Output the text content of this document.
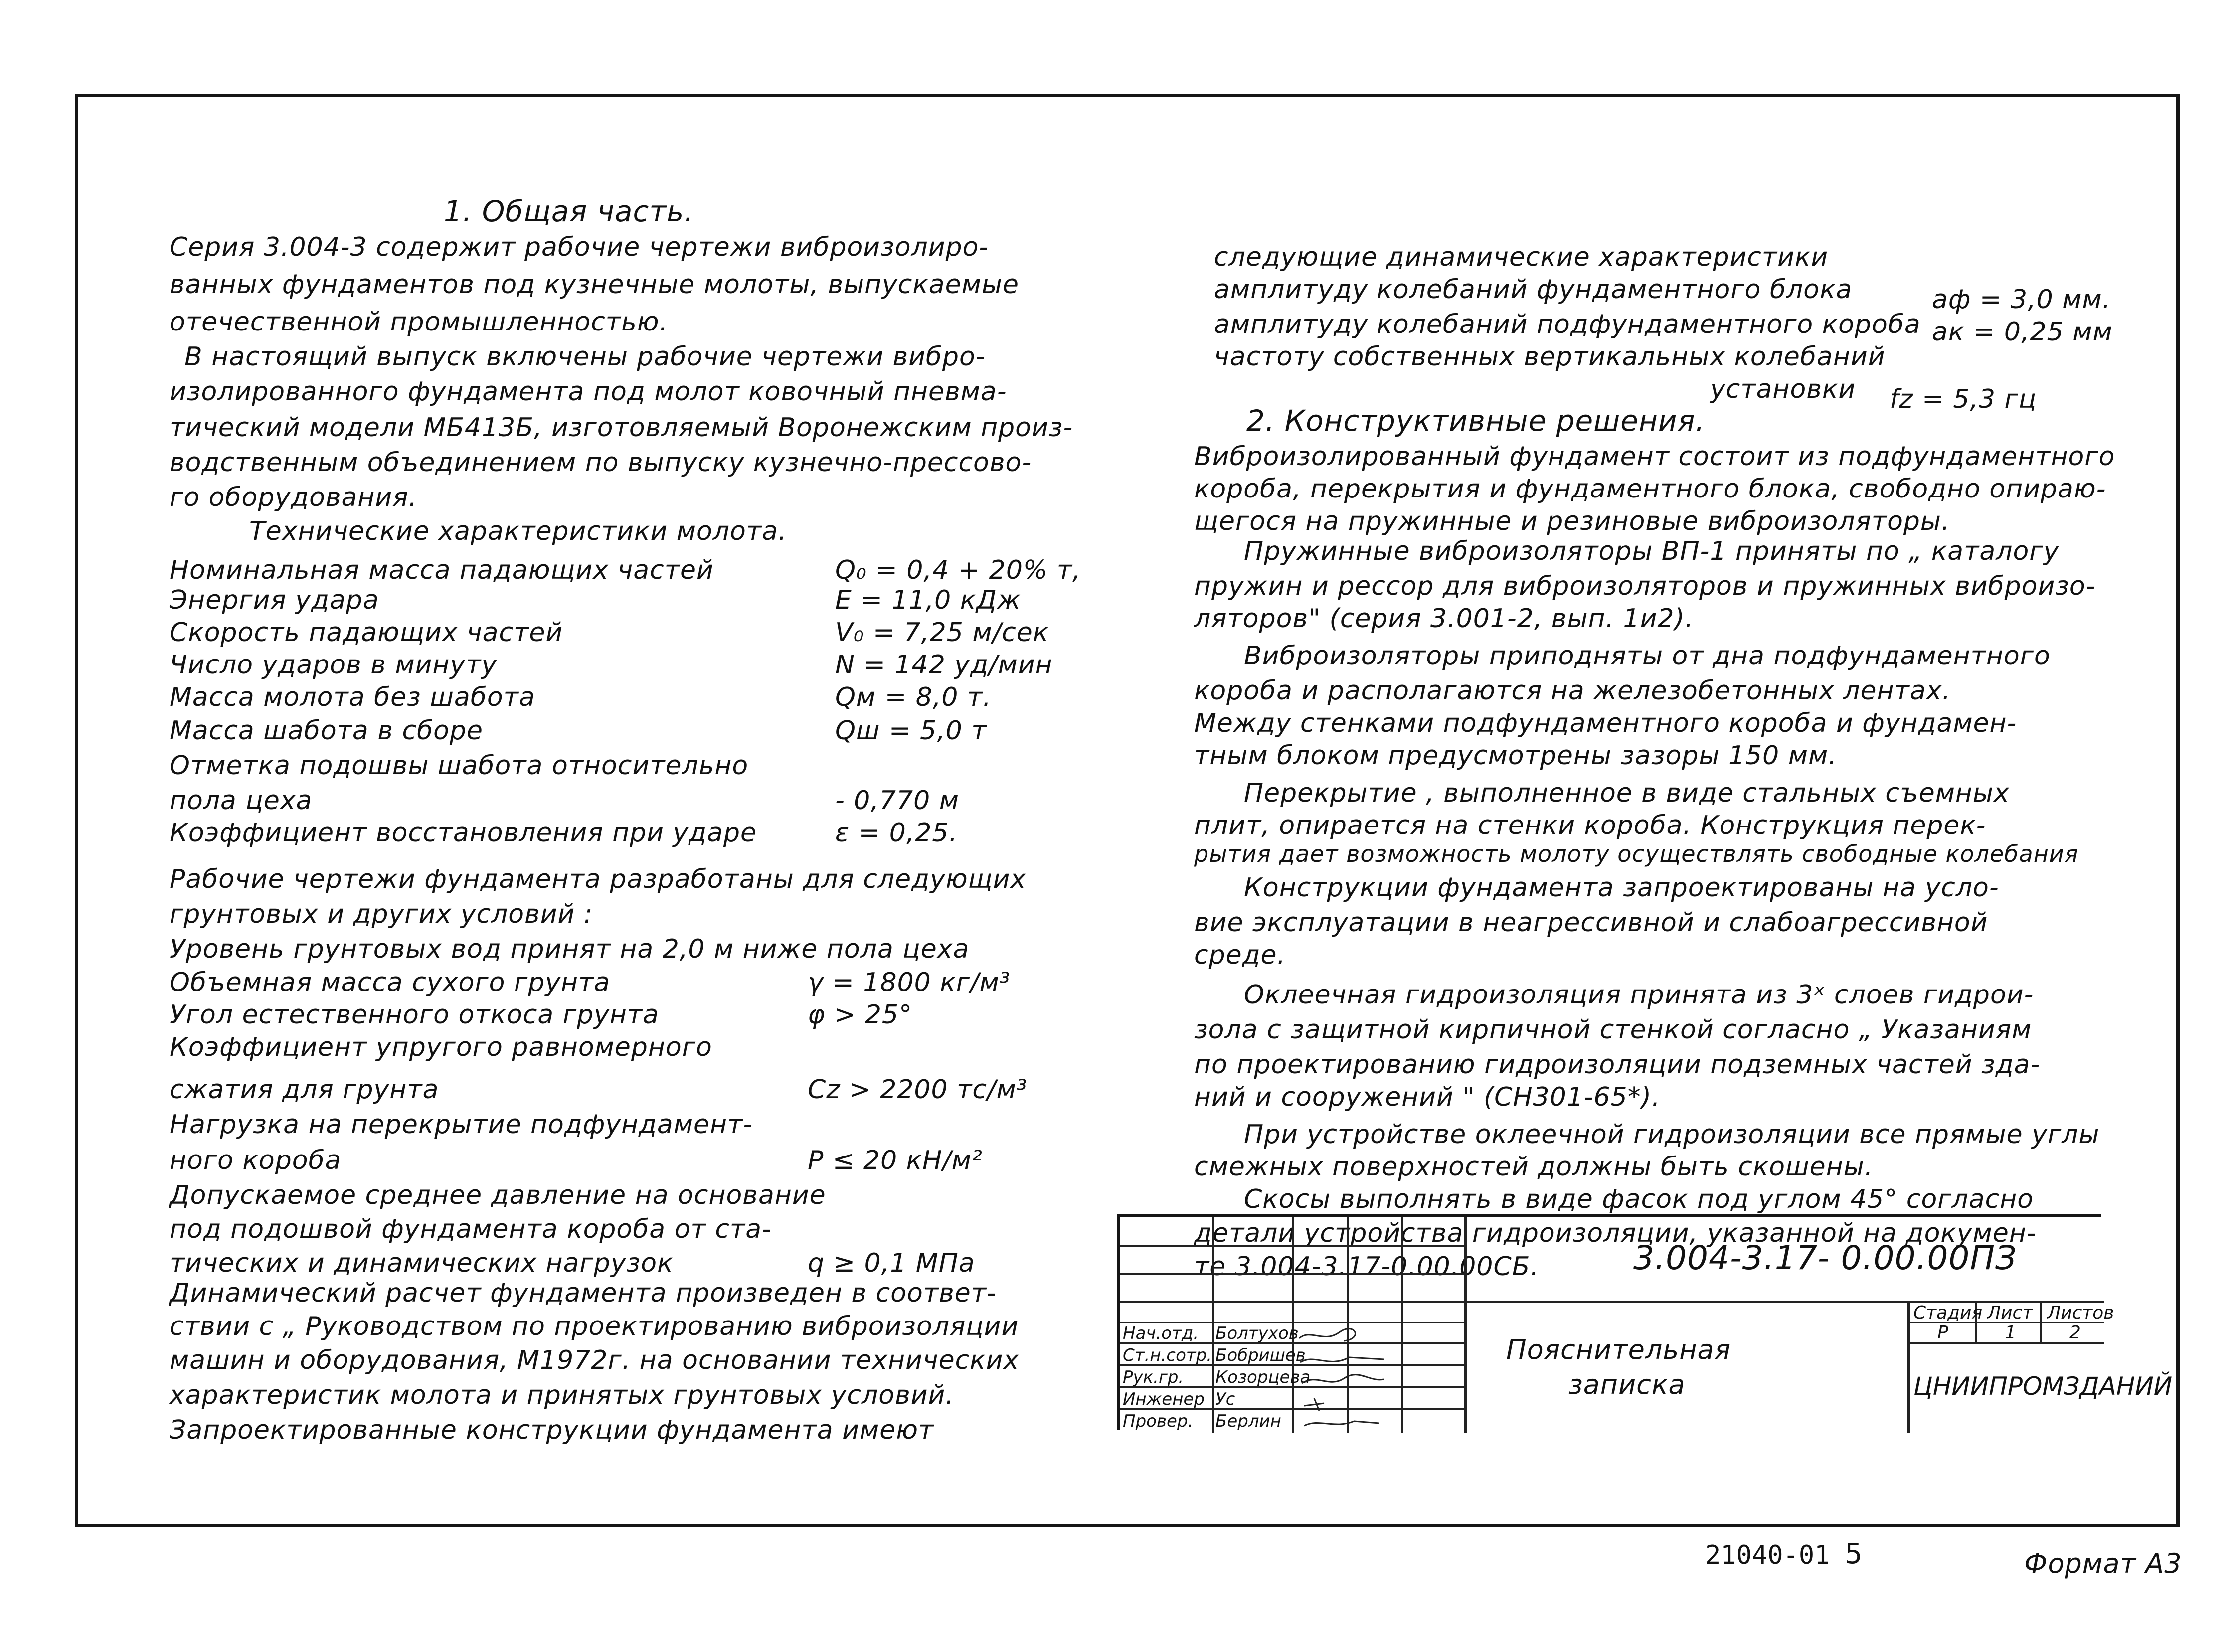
1. Общая часть.
Серия 3.004-3 содержит рабочие чертежи виброизолиро-
ванных фундаментов под кузнечные молоты, выпускаемые
отечественной промышленностью.
В настоящий выпуск включены рабочие чертежи вибро-
изолированного фундамента под молот ковочный пневма-
тический модели МБ413Б, изготовляемый Воронежским произ-
водственным объединением по выпуску кузнечно-прессово-
го оборудования.
Технические характеристики молота.
Номинальная масса падающих частей	Q₀ = 0,4 + 20% т,
Энергия удара	E = 11,0 кДж
Скорость падающих частей	V₀ = 7,25 м/сек
Число ударов в минуту	N = 142 уд/мин
Масса молота без шабота	Qм = 8,0 т.
Масса шабота в сборе	Qш = 5,0 т
Отметка подошвы шабота относительно
пола цеха	- 0,770 м
Коэффициент восстановления при ударе	ε = 0,25.
Рабочие чертежи фундамента разработаны для следующих
грунтовых и других условий :
Уровень грунтовых вод принят на 2,0 м ниже пола цеха
Объемная масса сухого грунта	γ = 1800 кг/м³
Угол естественного откоса грунта	φ > 25°
Коэффициент упругого равномерного
сжатия для грунта	Cz > 2200 тс/м³
Нагрузка на перекрытие подфундамент-
ного короба	P ≤ 20 кН/м²
Допускаемое среднее давление на основание
под подошвой фундамента короба от ста-
тических и динамических нагрузок	q ≥ 0,1 МПа
Динамический расчет фундамента произведен в соответ-
ствии с „ Руководством по проектированию виброизоляции
машин и оборудования, М1972г. на основании технических
характеристик молота и принятых грунтовых условий.
Запроектированные конструкции фундамента имеют
следующие динамические характеристики
амплитуду колебаний фундаментного блока	aф = 3,0 мм.
амплитуду колебаний подфундаментного короба aк = 0,25 мм
частоту собственных вертикальных колебаний
установки fz = 5,3 гц
2. Конструктивные решения.
Виброизолированный фундамент состоит из подфундаментного
короба, перекрытия и фундаментного блока, свободно опираю-
щегося на пружинные и резиновые виброизоляторы.
Пружинные виброизоляторы ВП-1 приняты по „ каталогу
пружин и рессор для виброизоляторов и пружинных виброизо-
ляторов" (серия 3.001-2, вып. 1и2).
Виброизоляторы приподняты от дна подфундаментного
короба и располагаются на железобетонных лентах.
Между стенками подфундаментного короба и фундамен-
тным блоком предусмотрены зазоры 150 мм.
Перекрытие , выполненное в виде стальных съемных
плит, опирается на стенки короба. Конструкция перек-
рытия дает возможность молоту осуществлять свободные колебания
Конструкции фундамента запроектированы на усло-
вие эксплуатации в неагрессивной и слабоагрессивной
среде.
Оклеечная гидроизоляция принята из 3ˣ слоев гидрои-
зола с защитной кирпичной стенкой согласно „ Указаниям
по проектированию гидроизоляции подземных частей зда-
ний и сооружений " (СН301-65*).
При устройстве оклеечной гидроизоляции все прямые углы
смежных поверхностей должны быть скошены.
Скосы выполнять в виде фасок под углом 45° согласно
детали устройства гидроизоляции, указанной на докумен-
те 3.004-3.17-0.00.00СБ.	3.004-3.17- 0.00.00ПЗ
Пояснительная
записка
Стадия Лист Листов
Р	1	2
ЦНИИПРОМЗДАНИЙ
Нач.отд. Болтухов
Ст.н.сотр. Бобришев
Рук.гр. Козорцева
Инженер Ус
Провер. Берлин
21040-01 5	Формат А3
